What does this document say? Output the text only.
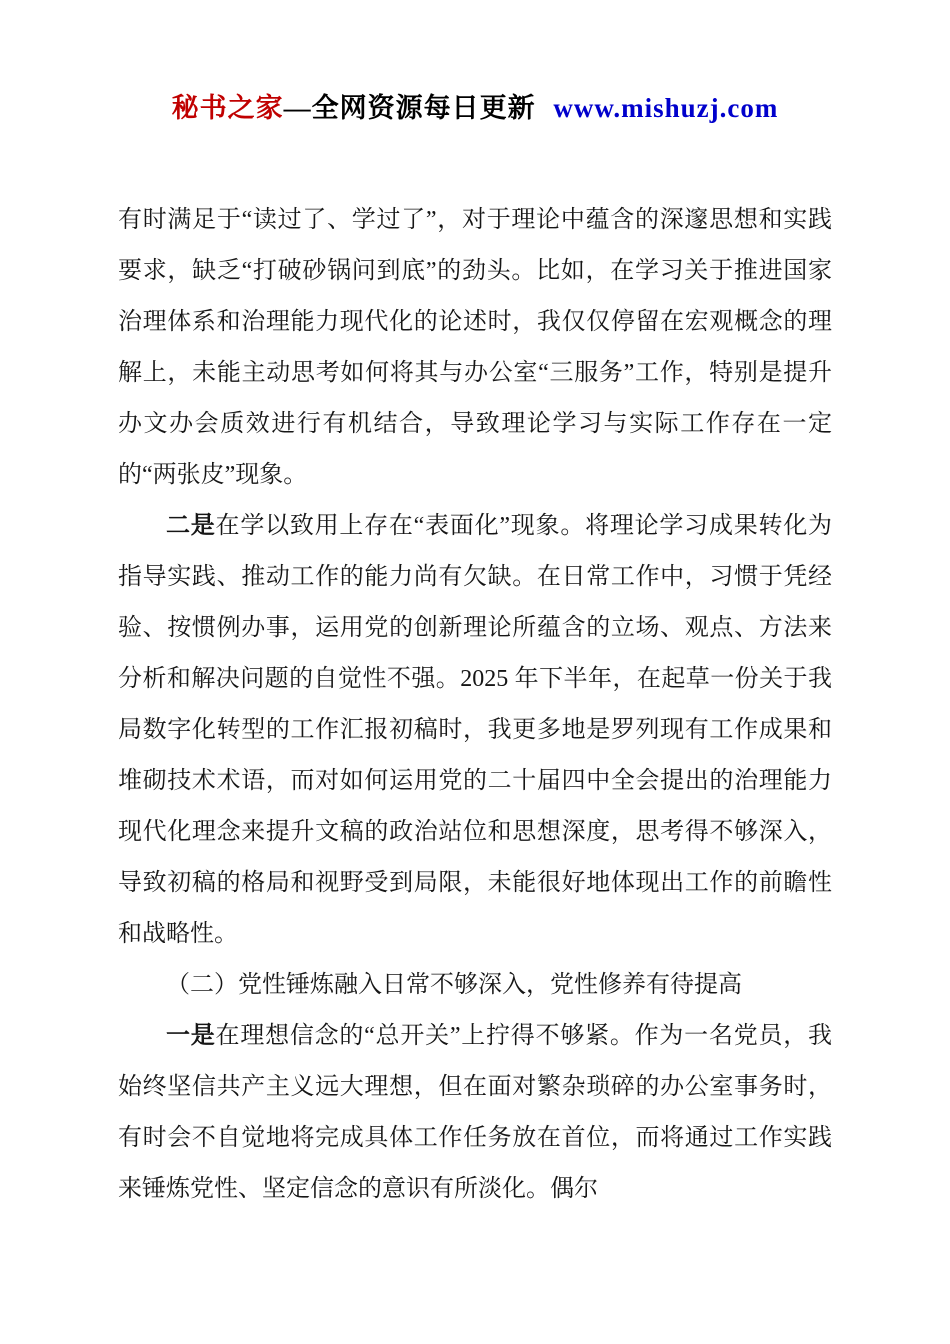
秘书之家—全网资源每日更新 www.mishuzj.com

有时满足于“读过了、学过了”，对于理论中蕴含的深邃思想和实践要求，缺乏“打破砂锅问到底”的劲头。比如，在学习关于推进国家治理体系和治理能力现代化的论述时，我仅仅停留在宏观概念的理解上，未能主动思考如何将其与办公室“三服务”工作，特别是提升办文办会质效进行有机结合，导致理论学习与实际工作存在一定的“两张皮”现象。

二是在学以致用上存在“表面化”现象。将理论学习成果转化为指导实践、推动工作的能力尚有欠缺。在日常工作中，习惯于凭经验、按惯例办事，运用党的创新理论所蕴含的立场、观点、方法来分析和解决问题的自觉性不强。2025 年下半年，在起草一份关于我局数字化转型的工作汇报初稿时，我更多地是罗列现有工作成果和堆砌技术术语，而对如何运用党的二十届四中全会提出的治理能力现代化理念来提升文稿的政治站位和思想深度，思考得不够深入，导致初稿的格局和视野受到局限，未能很好地体现出工作的前瞻性和战略性。

（二）党性锤炼融入日常不够深入，党性修养有待提高

一是在理想信念的“总开关”上拧得不够紧。作为一名党员，我始终坚信共产主义远大理想，但在面对繁杂琐碎的办公室事务时，有时会不自觉地将完成具体工作任务放在首位，而将通过工作实践来锤炼党性、坚定信念的意识有所淡化。偶尔
